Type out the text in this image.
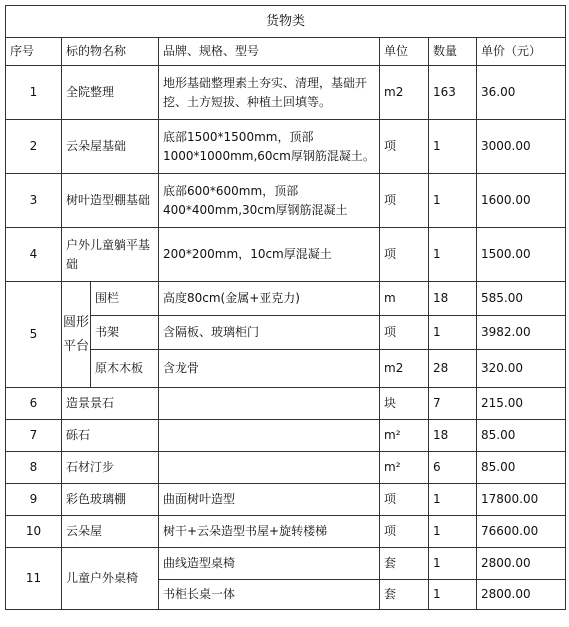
货物类						
序号	标的物名称		品牌、规格、型号	单位	数量	单价（元）
1	全院整理		地形基础整理素土夯实、清理，基础开挖、土方短拔、种植土回填等。	m2	163	36.00
2	云朵屋基础		底部1500*1500mm，顶部1000*1000mm,60cm厚钢筋混凝土。	项	1	3000.00
3	树叶造型棚基础		底部600*600mm，顶部400*400mm,30cm厚钢筋混凝土	项	1	1600.00
4	户外儿童躺平基础		200*200mm，10cm厚混凝土	项	1	1500.00
5	圆形平台	围栏	高度80cm(金属+亚克力)	m	18	585.00
		书架	含隔板、玻璃柜门	项	1	3982.00
		原木木板	含龙骨	m2	28	320.00
6	造景景石			块	7	215.00
7	砾石			m²	18	85.00
8	石材汀步			m²	6	85.00
9	彩色玻璃棚		曲面树叶造型	项	1	17800.00
10	云朵屋		树干+云朵造型书屋+旋转楼梯	项	1	76600.00
11	儿童户外桌椅		曲线造型桌椅	套	1	2800.00
			书柜长桌一体	套	1	2800.00
